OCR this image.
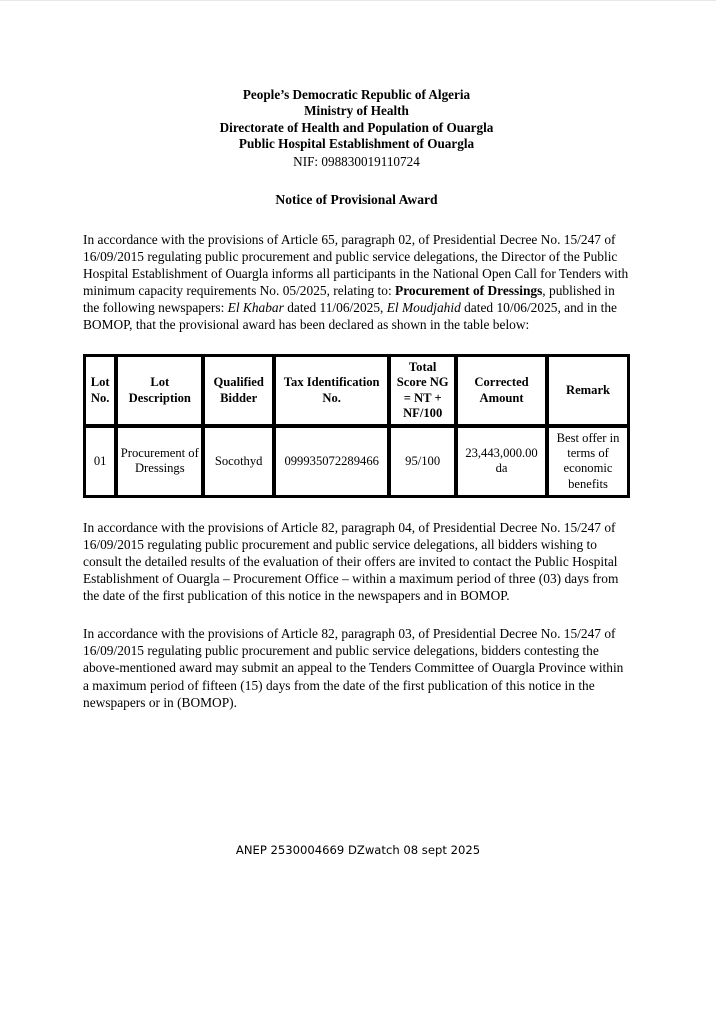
People’s Democratic Republic of Algeria
Ministry of Health
Directorate of Health and Population of Ouargla
Public Hospital Establishment of Ouargla
NIF: 098830019110724
Notice of Provisional Award

In accordance with the provisions of Article 65, paragraph 02, of Presidential Decree No. 15/247 of 16/09/2015 regulating public procurement and public service delegations, the Director of the Public Hospital Establishment of Ouargla informs all participants in the National Open Call for Tenders with minimum capacity requirements No. 05/2025, relating to: Procurement of Dressings, published in the following newspapers: El Khabar dated 11/06/2025, El Moudjahid dated 10/06/2025, and in the BOMOP, that the provisional award has been declared as shown in the table below:

Lot No.	Lot Description	Qualified Bidder	Tax Identification No.	Total Score NG = NT + NF/100	Corrected Amount	Remark
01	Procurement of Dressings	Socothyd	099935072289466	95/100	23,443,000.00 da	Best offer in terms of economic benefits

In accordance with the provisions of Article 82, paragraph 04, of Presidential Decree No. 15/247 of 16/09/2015 regulating public procurement and public service delegations, all bidders wishing to consult the detailed results of the evaluation of their offers are invited to contact the Public Hospital Establishment of Ouargla – Procurement Office – within a maximum period of three (03) days from the date of the first publication of this notice in the newspapers and in BOMOP.

In accordance with the provisions of Article 82, paragraph 03, of Presidential Decree No. 15/247 of 16/09/2015 regulating public procurement and public service delegations, bidders contesting the above-mentioned award may submit an appeal to the Tenders Committee of Ouargla Province within a maximum period of fifteen (15) days from the date of the first publication of this notice in the newspapers or in (BOMOP).

ANEP 2530004669 DZwatch 08 sept 2025
